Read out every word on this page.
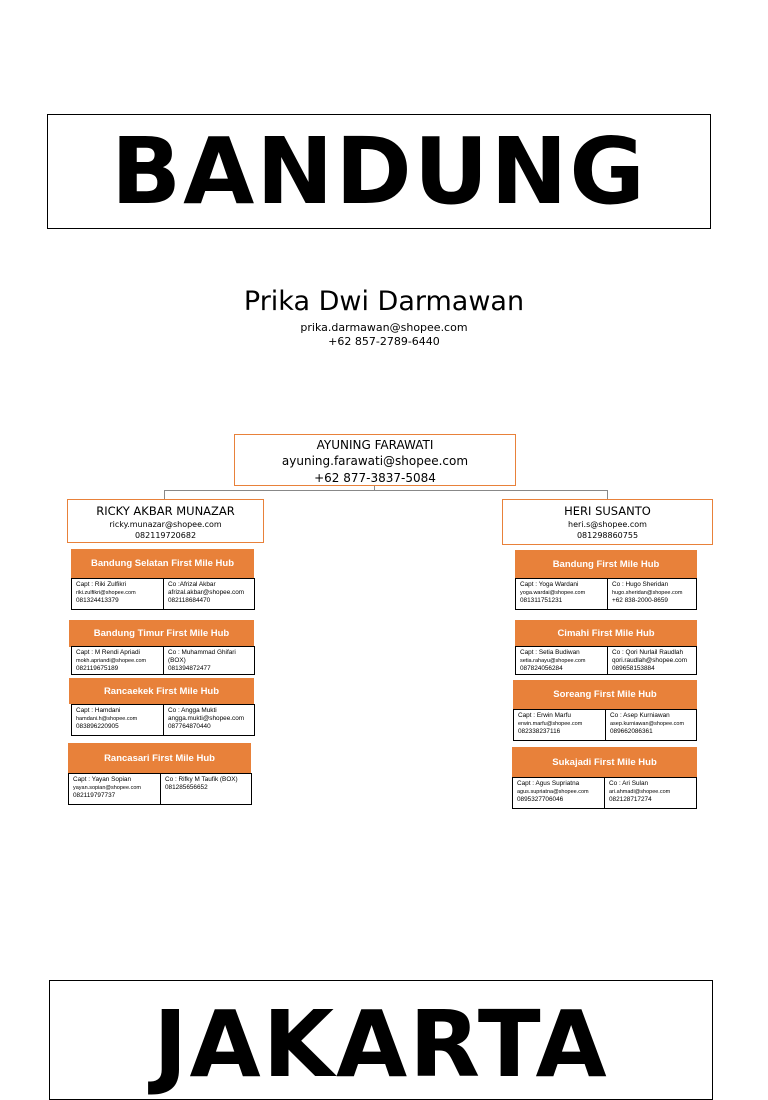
BANDUNG
Prika Dwi Darmawan
prika.darmawan@shopee.com
+62 857-2789-6440
AYUNING FARAWATI
ayuning.farawati@shopee.com
+62 877-3837-5084
RICKY AKBAR MUNAZAR
ricky.munazar@shopee.com
082119720682
HERI SUSANTO
heri.s@shopee.com
081298860755
Bandung Selatan First Mile Hub
Capt : Riki Zulfikri
riki.zulfikri@shopee.com
081324413379
Co :Afrizal Akbar
afrizal.akbar@shopee.com
082118684470
Bandung Timur First Mile Hub
Capt : M Rendi Apriadi
mokh.apriandi@shopee.com
082119675189
Co : Muhammad Ghifari
(BOX)
081394872477
Rancaekek First Mile Hub
Capt : Hamdani
hamdani.h@shopee.com
083896220905
Co : Angga Mukti
angga.mukti@shopee.com
087764870440
Rancasari First Mile Hub
Capt : Yayan Sopian
yayan.sopian@shopee.com
082119797737
Co : Rifky M Taufik (BOX)
081285656652
Bandung First Mile Hub
Capt : Yoga Wardani
yoga.wardai@shopee.com
081311751231
Co : Hugo Sheridan
hugo.sheridan@shopee.com
+62 838-2000-8659
Cimahi First Mile Hub
Capt : Setia Budiwan
setia.rahayu@shopee.com
087824056284
Co : Qori Nurlail Raudlah
qori.raudlah@shopee.com
089658153884
Soreang First Mile Hub
Capt : Erwin Marfu
erwin.marfu@shopee.com
082338237116
Co : Asep Kurniawan
asep.kurniawan@shopee.com
089662086361
Sukajadi First Mile Hub
Capt : Agus Supriatna
agus.supriatna@shopee.com
0895327706046
Co : Ari Sulan
ari.ahmadi@shopee.com
082128717274
JAKARTA
